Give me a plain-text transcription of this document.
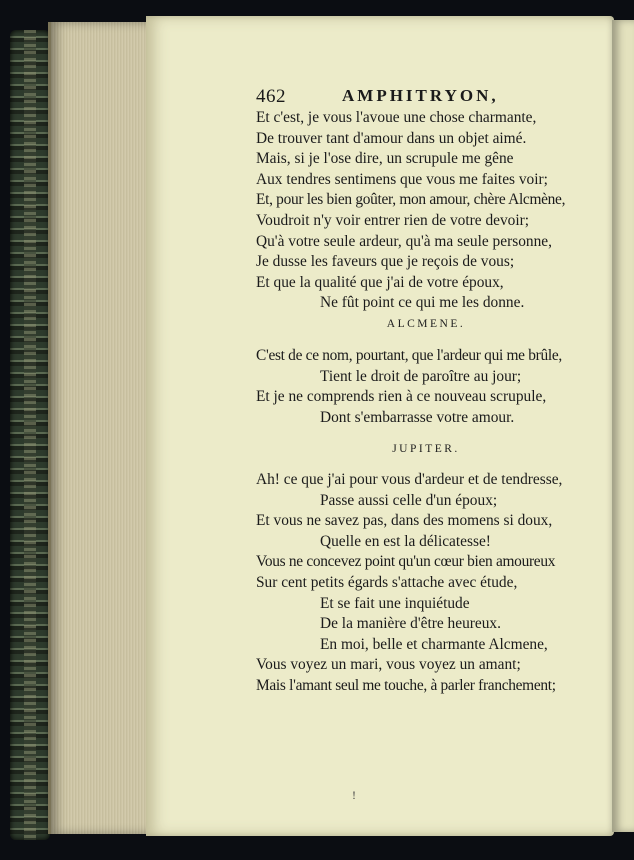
462	AMPHITRYON,
Et c'est, je vous l'avoue une chose charmante,
De trouver tant d'amour dans un objet aimé.
Mais, si je l'ose dire, un scrupule me gêne
Aux tendres sentimens que vous me faites voir;
Et, pour les bien goûter, mon amour, chère Alcmène,
Voudroit n'y voir entrer rien de votre devoir;
Qu'à votre seule ardeur, qu'à ma seule personne,
Je dusse les faveurs que je reçois de vous;
Et que la qualité que j'ai de votre époux,
Ne fût point ce qui me les donne.
ALCMENE.
C'est de ce nom, pourtant, que l'ardeur qui me brûle,
Tient le droit de paroître au jour;
Et je ne comprends rien à ce nouveau scrupule,
Dont s'embarrasse votre amour.
JUPITER.
Ah! ce que j'ai pour vous d'ardeur et de tendresse,
Passe aussi celle d'un époux;
Et vous ne savez pas, dans des momens si doux,
Quelle en est la délicatesse!
Vous ne concevez point qu'un cœur bien amoureux
Sur cent petits égards s'attache avec étude,
Et se fait une inquiétude
De la manière d'être heureux.
En moi, belle et charmante Alcmene,
Vous voyez un mari, vous voyez un amant;
Mais l'amant seul me touche, à parler franchement;
!
